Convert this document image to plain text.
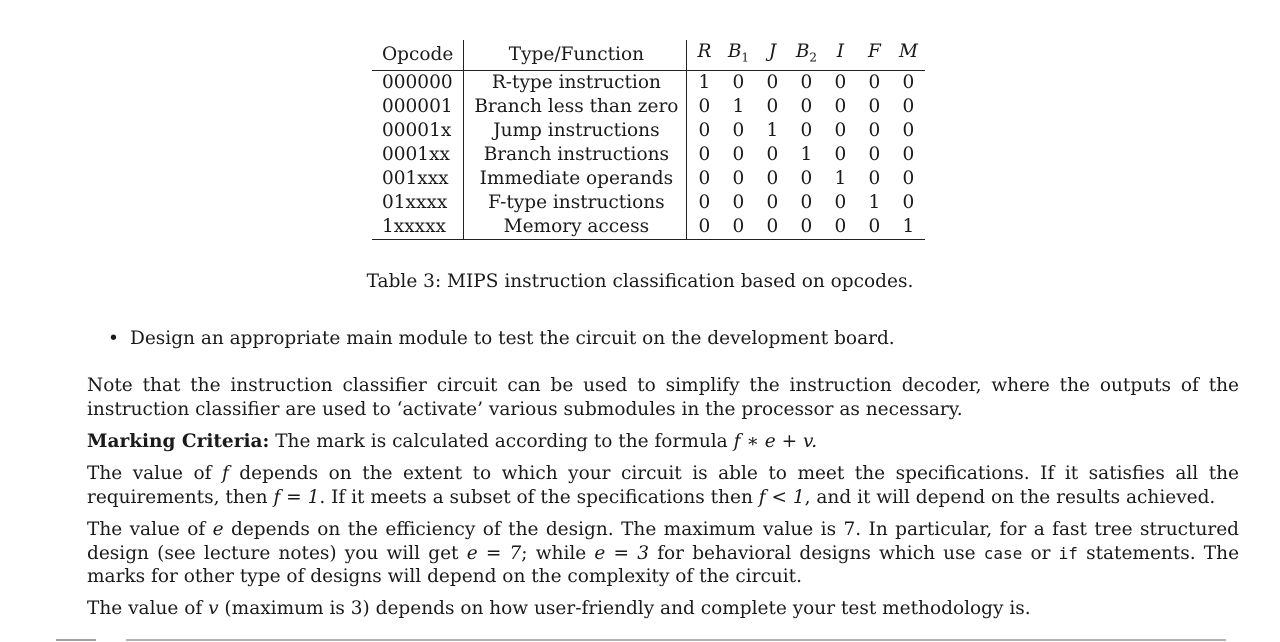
Opcode	Type/Function	R	$B_1$	J	$B_2$	I	F	M
000000	R-type instruction	1	0	0	0	0	0	0
000001	Branch less than zero	0	1	0	0	0	0	0
00001x	Jump instructions	0	0	1	0	0	0	0
0001xx	Branch instructions	0	0	0	1	0	0	0
001xxx	Immediate operands	0	0	0	0	1	0	0
01xxxx	F-type instructions	0	0	0	0	0	1	0
1xxxxx	Memory access	0	0	0	0	0	0	1
Table 3: MIPS instruction classification based on opcodes.
• Design an appropriate main module to test the circuit on the development board.

Note that the instruction classifier circuit can be used to simplify the instruction decoder, where the outputs of the instruction classifier are used to ‘activate’ various submodules in the processor as necessary.

Marking Criteria: The mark is calculated according to the formula f ∗ e + v.

The value of f depends on the extent to which your circuit is able to meet the specifications. If it satisfies all the requirements, then f = 1. If it meets a subset of the specifications then f < 1, and it will depend on the results achieved.

The value of e depends on the efficiency of the design. The maximum value is 7. In particular, for a fast tree structured design (see lecture notes) you will get e = 7; while e = 3 for behavioral designs which use case or if statements. The marks for other type of designs will depend on the complexity of the circuit.

The value of v (maximum is 3) depends on how user-friendly and complete your test methodology is.
